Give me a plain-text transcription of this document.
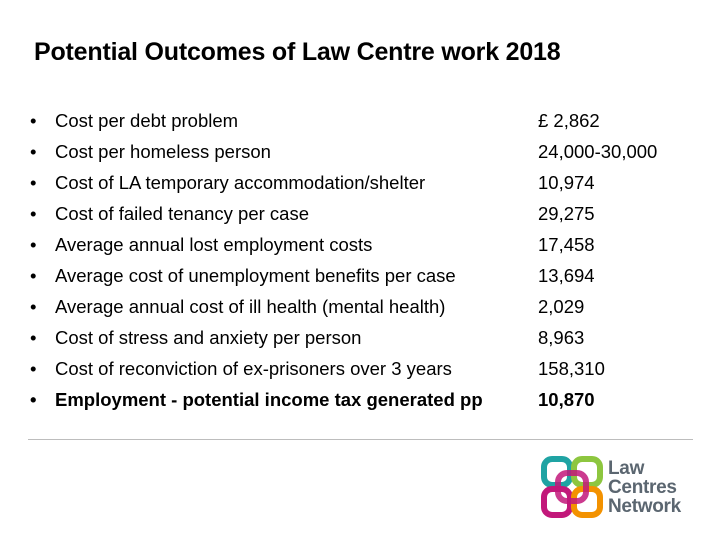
Potential Outcomes of Law Centre work 2018
•	Cost per debt problem	£ 2,862
•	Cost per homeless person	24,000-30,000
•	Cost of LA temporary accommodation/shelter	10,974
•	Cost of failed tenancy per case	29,275
•	Average annual lost employment costs	17,458
•	Average cost of unemployment benefits per case	13,694
•	Average annual cost of ill health (mental health)	2,029
•	Cost of stress and anxiety per person	8,963
•	Cost of reconviction of ex-prisoners over 3 years	158,310
•	Employment - potential income tax generated pp	10,870
Law
Centres
Network
